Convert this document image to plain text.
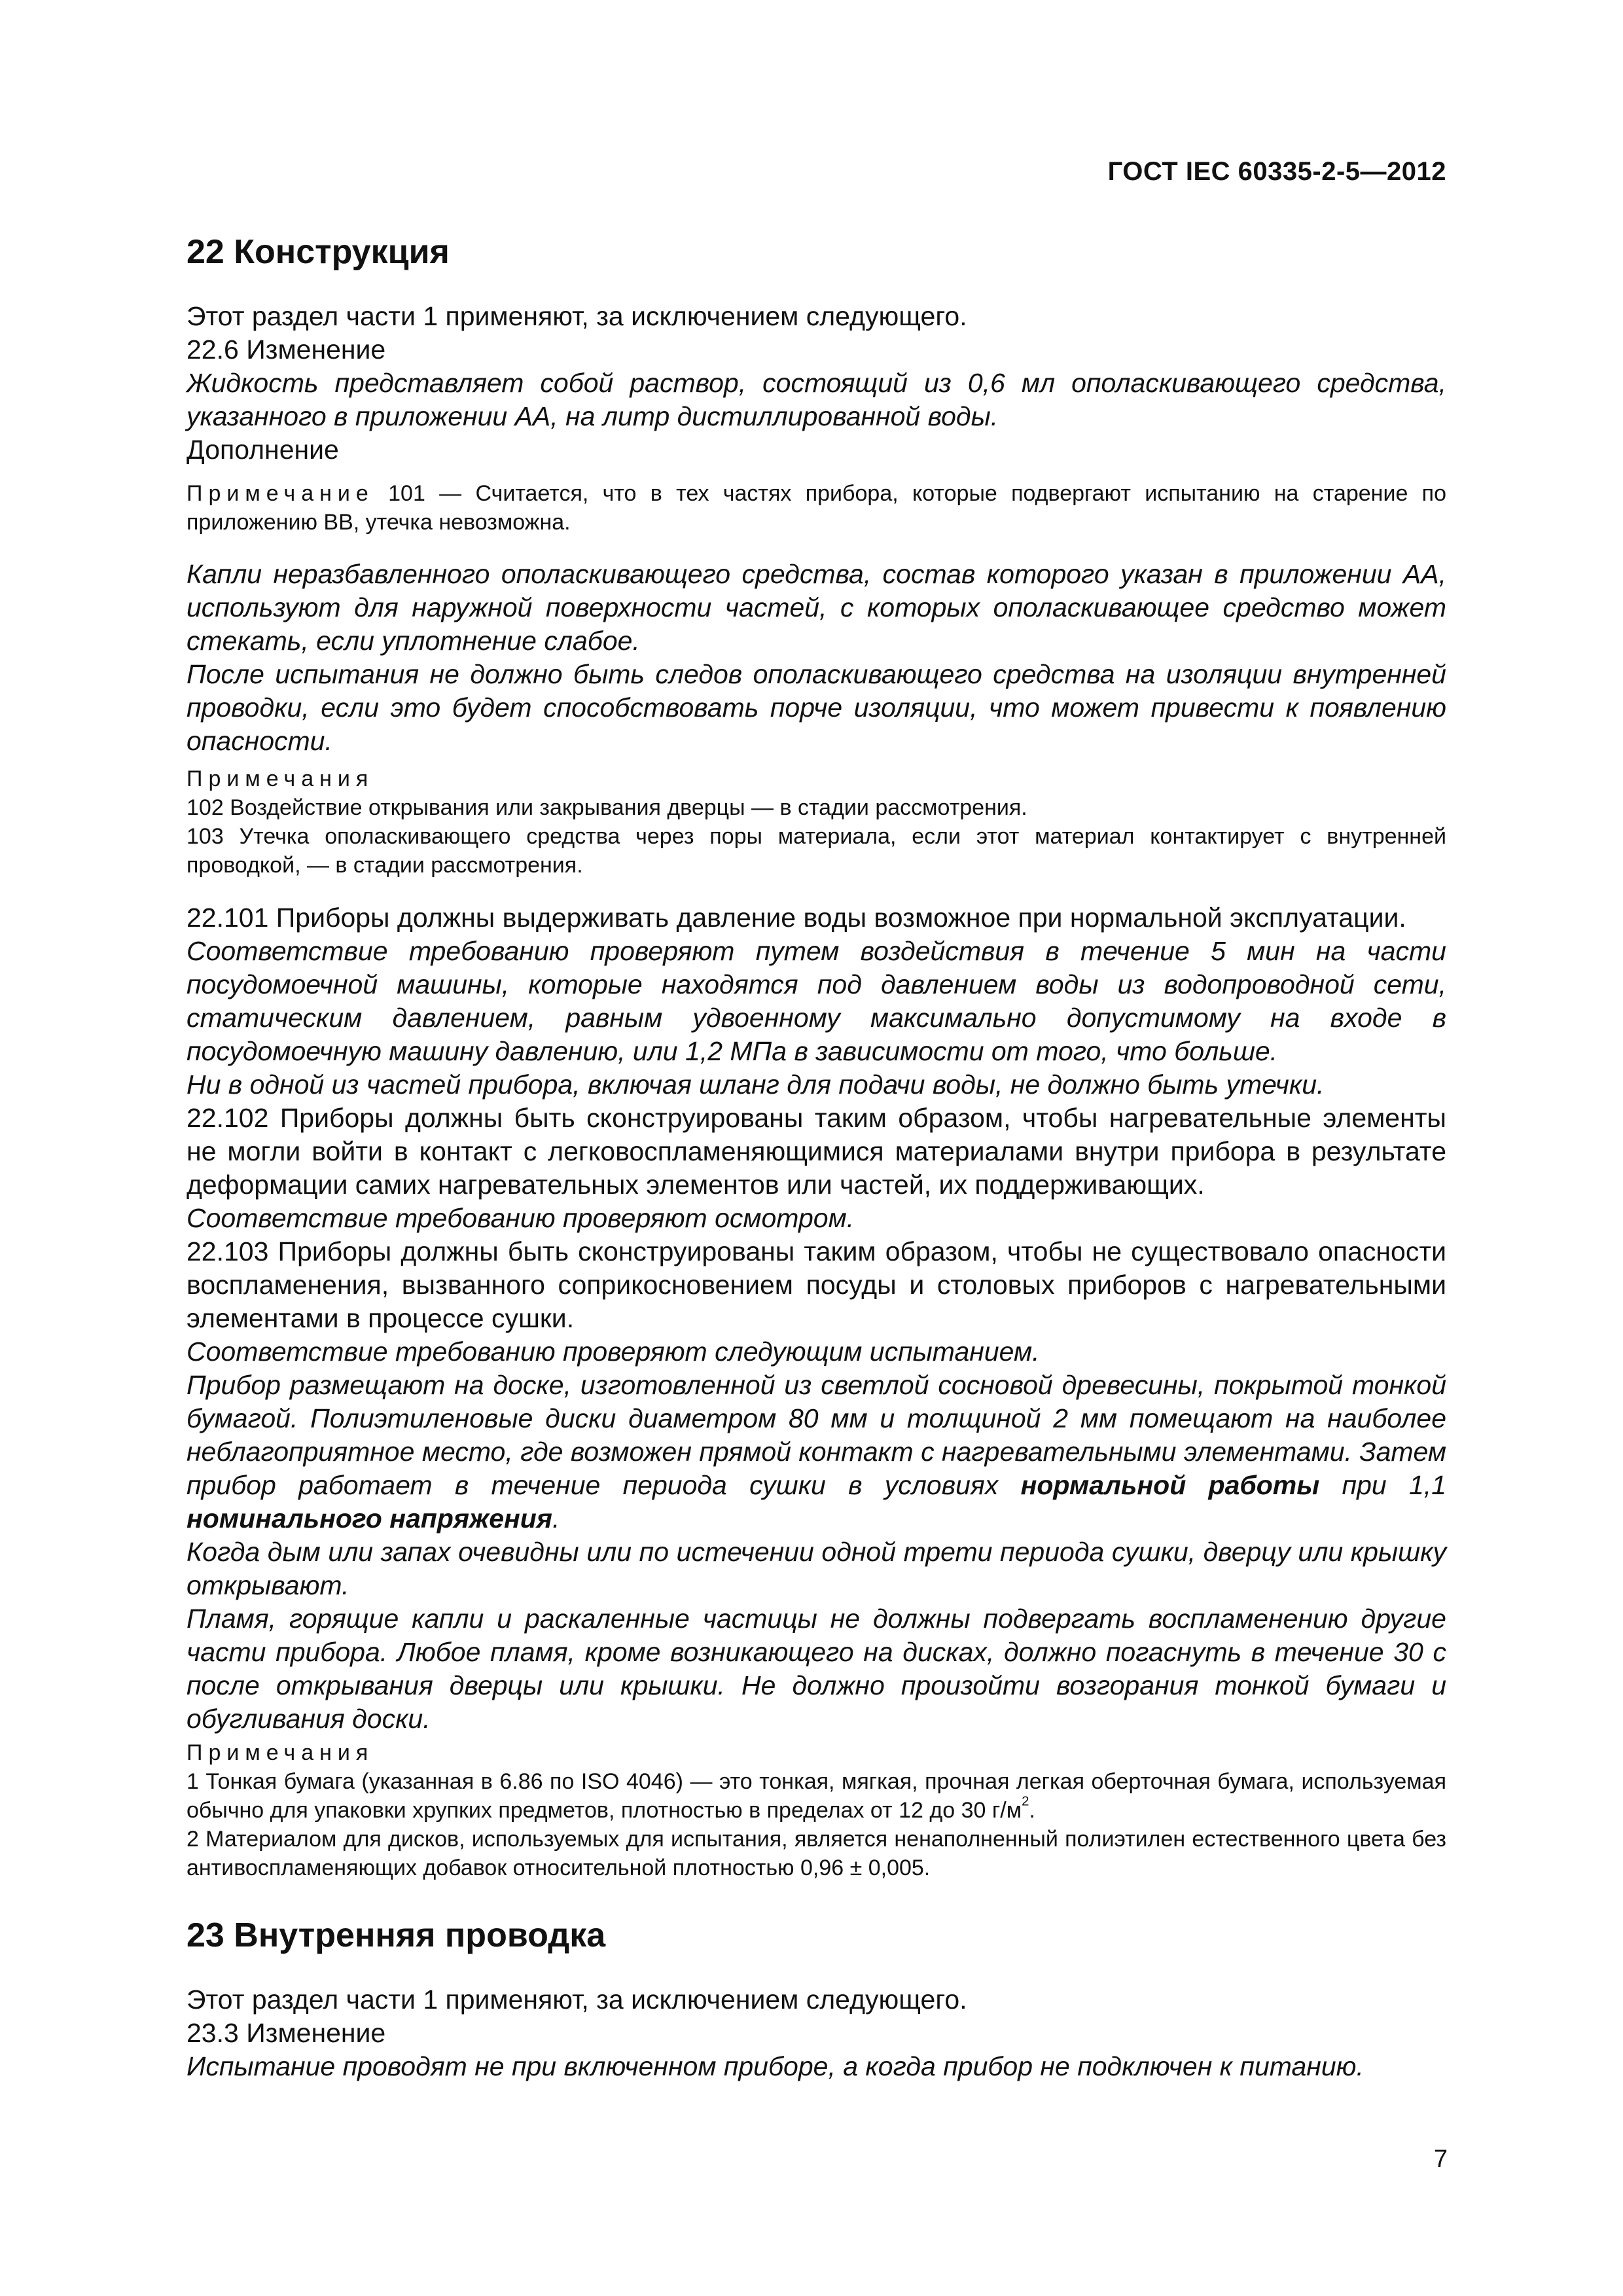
ГОСТ IEC 60335-2-5—2012
22 Конструкция

Этот раздел части 1 применяют, за исключением следующего.

22.6 Изменение

Жидкость представляет собой раствор, состоящий из 0,6 мл ополаскивающего средства, указанного в приложении АА, на литр дистиллированной воды.

Дополнение

Примечание 101 — Считается, что в тех частях прибора, которые подвергают испытанию на старение по приложению ВВ, утечка невозможна.

Капли неразбавленного ополаскивающего средства, состав которого указан в приложении АА, используют для наружной поверхности частей, с которых ополаскивающее средство может стекать, если уплотнение слабое.

После испытания не должно быть следов ополаскивающего средства на изоляции внутренней проводки, если это будет способствовать порче изоляции, что может привести к появлению опасности.

Примечания

102 Воздействие открывания или закрывания дверцы — в стадии рассмотрения.

103 Утечка ополаскивающего средства через поры материала, если этот материал контактирует с внутренней проводкой, — в стадии рассмотрения.

22.101 Приборы должны выдерживать давление воды возможное при нормальной эксплуатации.

Соответствие требованию проверяют путем воздействия в течение 5 мин на части посудомоечной машины, которые находятся под давлением воды из водопроводной сети, статическим давлением, равным удвоенному максимально допустимому на входе в посудомоечную машину давлению, или 1,2 МПа в зависимости от того, что больше.

Ни в одной из частей прибора, включая шланг для подачи воды, не должно быть утечки.

22.102 Приборы должны быть сконструированы таким образом, чтобы нагревательные элементы не могли войти в контакт с легковоспламеняющимися материалами внутри прибора в результате деформации самих нагревательных элементов или частей, их поддерживающих.

Соответствие требованию проверяют осмотром.

22.103 Приборы должны быть сконструированы таким образом, чтобы не существовало опасности воспламенения, вызванного соприкосновением посуды и столовых приборов с нагревательными элементами в процессе сушки.

Соответствие требованию проверяют следующим испытанием.

Прибор размещают на доске, изготовленной из светлой сосновой древесины, покрытой тонкой бумагой. Полиэтиленовые диски диаметром 80 мм и толщиной 2 мм помещают на наиболее неблагоприятное место, где возможен прямой контакт с нагревательными элементами. Затем прибор работает в течение периода сушки в условиях нормальной работы при 1,1 номинального напряжения.

Когда дым или запах очевидны или по истечении одной трети периода сушки, дверцу или крышку открывают.

Пламя, горящие капли и раскаленные частицы не должны подвергать воспламенению другие части прибора. Любое пламя, кроме возникающего на дисках, должно погаснуть в течение 30 с после открывания дверцы или крышки. Не должно произойти возгорания тонкой бумаги и обугливания доски.

Примечания

1 Тонкая бумага (указанная в 6.86 по ISO 4046) — это тонкая, мягкая, прочная легкая оберточная бумага, используемая обычно для упаковки хрупких предметов, плотностью в пределах от 12 до 30 $г/м^2$.

2 Материалом для дисков, используемых для испытания, является ненаполненный полиэтилен естественного цвета без антивоспламеняющих добавок относительной плотностью 0,96 ± 0,005.

23 Внутренняя проводка

Этот раздел части 1 применяют, за исключением следующего.

23.3 Изменение

Испытание проводят не при включенном приборе, а когда прибор не подключен к питанию.

7
